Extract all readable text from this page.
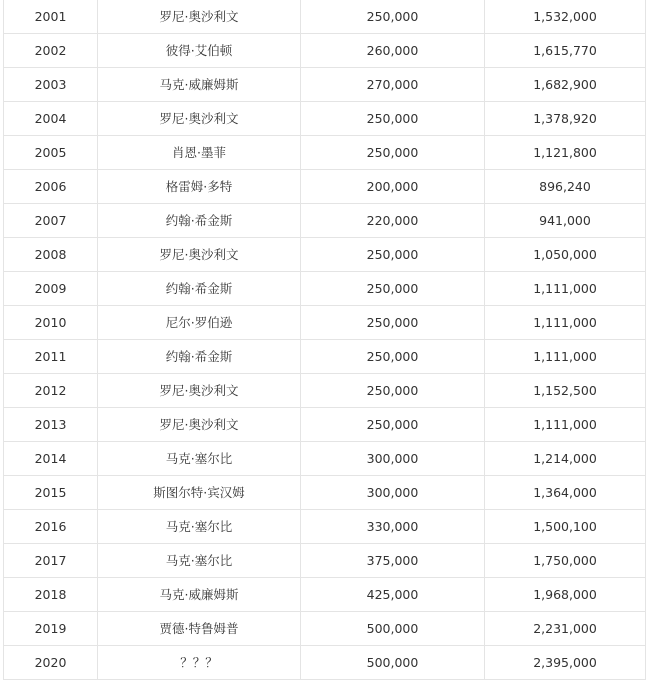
2001	罗尼·奥沙利文	250,000	1,532,000
2002	彼得·艾伯顿	260,000	1,615,770
2003	马克·威廉姆斯	270,000	1,682,900
2004	罗尼·奥沙利文	250,000	1,378,920
2005	肖恩·墨菲	250,000	1,121,800
2006	格雷姆·多特	200,000	896,240
2007	约翰·希金斯	220,000	941,000
2008	罗尼·奥沙利文	250,000	1,050,000
2009	约翰·希金斯	250,000	1,111,000
2010	尼尔·罗伯逊	250,000	1,111,000
2011	约翰·希金斯	250,000	1,111,000
2012	罗尼·奥沙利文	250,000	1,152,500
2013	罗尼·奥沙利文	250,000	1,111,000
2014	马克·塞尔比	300,000	1,214,000
2015	斯图尔特·宾汉姆	300,000	1,364,000
2016	马克·塞尔比	330,000	1,500,100
2017	马克·塞尔比	375,000	1,750,000
2018	马克·威廉姆斯	425,000	1,968,000
2019	贾德·特鲁姆普	500,000	2,231,000
2020	？？？	500,000	2,395,000
